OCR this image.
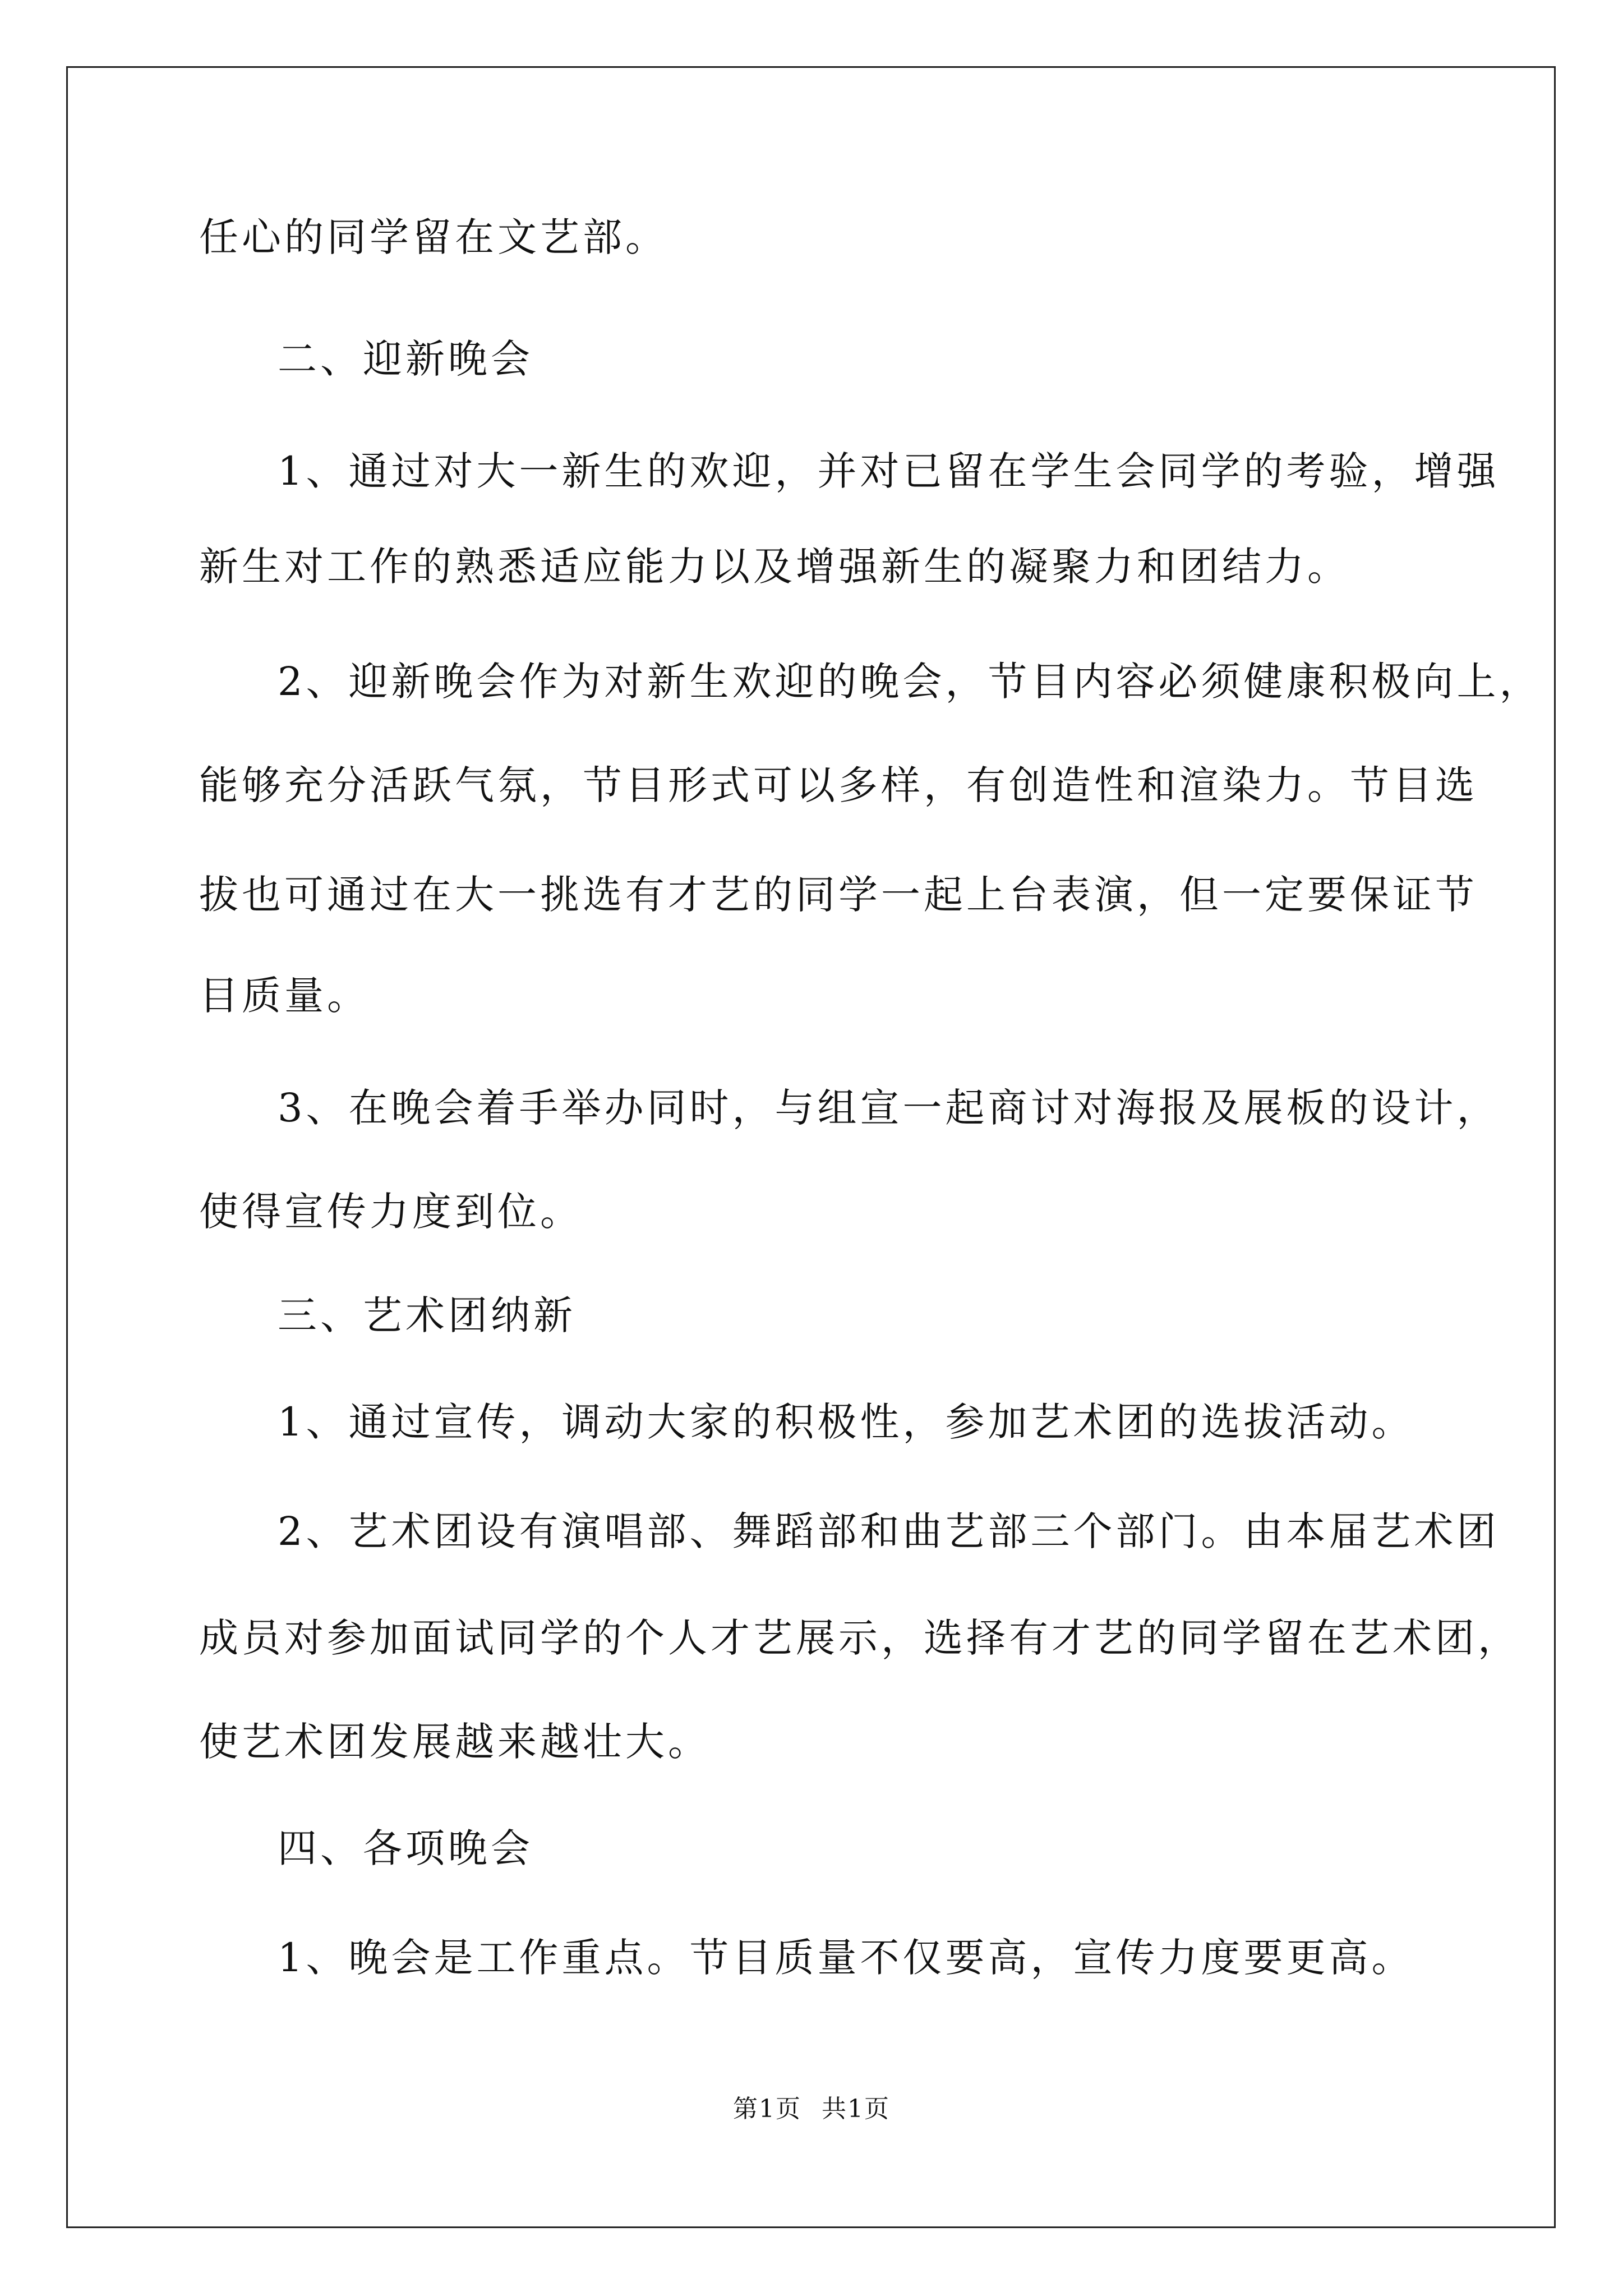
任心的同学留在文艺部。
二、迎新晚会
1、通过对大一新生的欢迎，并对已留在学生会同学的考验，增强
新生对工作的熟悉适应能力以及增强新生的凝聚力和团结力。
2、迎新晚会作为对新生欢迎的晚会，节目内容必须健康积极向上，
能够充分活跃气氛，节目形式可以多样，有创造性和渲染力。节目选
拔也可通过在大一挑选有才艺的同学一起上台表演，但一定要保证节
目质量。
3、在晚会着手举办同时，与组宣一起商讨对海报及展板的设计，
使得宣传力度到位。
三、艺术团纳新
1、通过宣传，调动大家的积极性，参加艺术团的选拔活动。
2、艺术团设有演唱部、舞蹈部和曲艺部三个部门。由本届艺术团
成员对参加面试同学的个人才艺展示，选择有才艺的同学留在艺术团，
使艺术团发展越来越壮大。
四、各项晚会
1、晚会是工作重点。节目质量不仅要高，宣传力度要更高。
第1页 共1页
